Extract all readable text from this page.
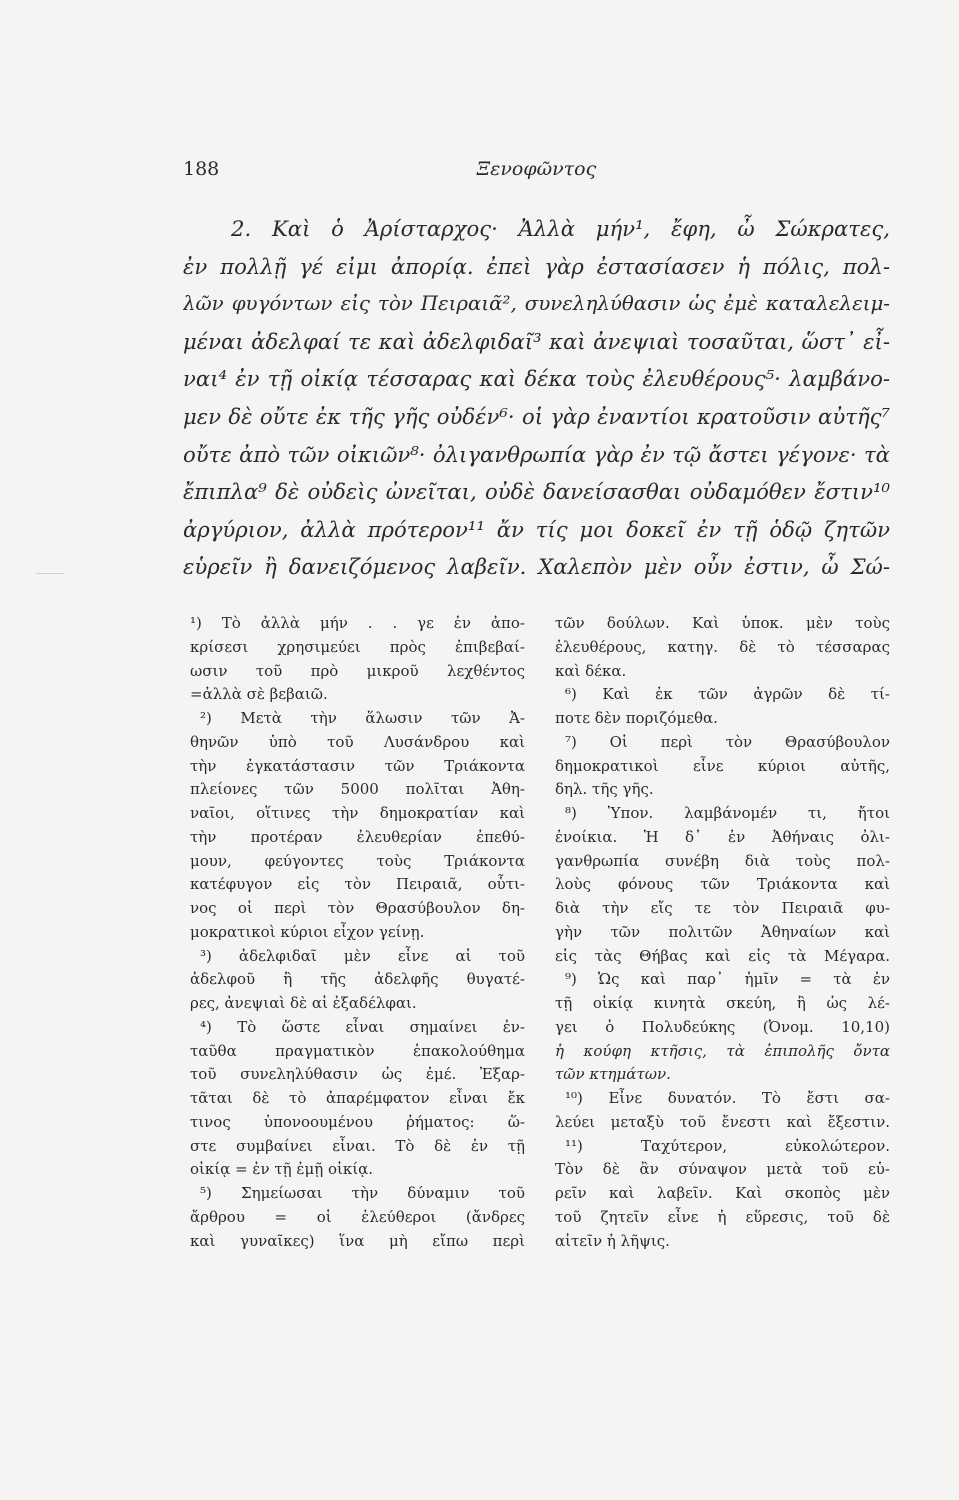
188	Ξενοφῶντος
2. Καὶ ὁ Ἀρίσταρχος· Ἀλλὰ μήν¹, ἔφη, ὦ Σώκρατες,
ἐν πολλῇ γέ εἰμι ἀπορίᾳ. ἐπεὶ γὰρ ἐστασίασεν ἡ πόλις, πολ-
λῶν φυγόντων εἰς τὸν Πειραιᾶ², συνεληλύθασιν ὡς ἐμὲ καταλελειμ-
μέναι ἀδελφαί τε καὶ ἀδελφιδαῖ³ καὶ ἀνεψιαὶ τοσαῦται, ὥστ᾽ εἶ-
ναι⁴ ἐν τῇ οἰκίᾳ τέσσαρας καὶ δέκα τοὺς ἐλευθέρους⁵· λαμβάνο-
μεν δὲ οὔτε ἐκ τῆς γῆς οὐδέν⁶· οἱ γὰρ ἐναντίοι κρατοῦσιν αὐτῆς⁷
οὔτε ἀπὸ τῶν οἰκιῶν⁸· ὀλιγανθρωπία γὰρ ἐν τῷ ἄστει γέγονε· τὰ
ἔπιπλα⁹ δὲ οὐδεὶς ὠνεῖται, οὐδὲ δανείσασθαι οὐδαμόθεν ἔστιν¹⁰
ἀργύριον, ἀλλὰ πρότερον¹¹ ἄν τίς μοι δοκεῖ ἐν τῇ ὁδῷ ζητῶν
εὑρεῖν ἢ δανειζόμενος λαβεῖν. Χαλεπὸν μὲν οὖν ἐστιν, ὦ Σώ-
¹) Τὸ ἀλλὰ μήν . . γε ἐν ἀπο-
κρίσεσι χρησιμεύει πρὸς ἐπιβεβαί-
ωσιν τοῦ πρὸ μικροῦ λεχθέντος
=ἀλλὰ σὲ βεβαιῶ.
²) Μετὰ τὴν ἅλωσιν τῶν Ἀ-
θηνῶν ὑπὸ τοῦ Λυσάνδρου καὶ
τὴν ἐγκατάστασιν τῶν Τριάκοντα
πλείονες τῶν 5000 πολῖται Ἀθη-
ναῖοι, οἵτινες τὴν δημοκρατίαν καὶ
τὴν προτέραν ἐλευθερίαν ἐπεθύ-
μουν, φεύγοντες τοὺς Τριάκοντα
κατέφυγον εἰς τὸν Πειραιᾶ, οὗτι-
νος οἱ περὶ τὸν Θρασύβουλον δη-
μοκρατικοὶ κύριοι εἶχον γείνῃ.
³) ἀδελφιδαῖ μὲν εἶνε αἱ τοῦ
ἀδελφοῦ ἢ τῆς ἀδελφῆς θυγατέ-
ρες, ἀνεψιαὶ δὲ αἱ ἐξαδέλφαι.
⁴) Τὸ ὥστε εἶναι σημαίνει ἐν-
ταῦθα πραγματικὸν ἐπακολούθημα
τοῦ συνεληλύθασιν ὡς ἐμέ. Ἐξαρ-
τᾶται δὲ τὸ ἀπαρέμφατον εἶναι ἔκ
τινος ὑπονοουμένου ῥήματος: ὥ-
στε συμβαίνει εἶναι. Τὸ δὲ ἐν τῇ
οἰκίᾳ = ἐν τῇ ἐμῇ οἰκίᾳ.
⁵) Σημείωσαι τὴν δύναμιν τοῦ
ἄρθρου = οἱ ἐλεύθεροι (ἄνδρες
καὶ γυναῖκες) ἵνα μὴ εἴπω περὶ
τῶν δούλων. Καὶ ὑποκ. μὲν τοὺς
ἐλευθέρους, κατηγ. δὲ τὸ τέσσαρας
καὶ δέκα.
⁶) Καὶ ἐκ τῶν ἀγρῶν δὲ τί-
ποτε δὲν ποριζόμεθα.
⁷) Οἱ περὶ τὸν Θρασύβουλον
δημοκρατικοὶ εἶνε κύριοι αὐτῆς,
δηλ. τῆς γῆς.
⁸) Ὑπον. λαμβάνομέν τι, ἤτοι
ἐνοίκια. Ἡ δ᾽ ἐν Ἀθήναις ὀλι-
γανθρωπία συνέβη διὰ τοὺς πολ-
λοὺς φόνους τῶν Τριάκοντα καὶ
διὰ τὴν εἴς τε τὸν Πειραιᾶ φυ-
γὴν τῶν πολιτῶν Ἀθηναίων καὶ
εἰς τὰς Θήβας καὶ εἰς τὰ Μέγαρα.
⁹) Ὡς καὶ παρ᾽ ἡμῖν = τὰ ἐν
τῇ οἰκίᾳ κινητὰ σκεύη, ἢ ὡς λέ-
γει ὁ Πολυδεύκης (Ὀνομ. 10,10)
ἡ κούφη κτῆσις, τὰ ἐπιπολῆς ὄντα
τῶν κτημάτων.
¹⁰) Εἶνε δυνατόν. Τὸ ἔστι σα-
λεύει μεταξὺ τοῦ ἔνεστι καὶ ἔξεστιν.
¹¹) Ταχύτερον, εὐκολώτερον.
Τὸν δὲ ἂν σύναψον μετὰ τοῦ εὑ-
ρεῖν καὶ λαβεῖν. Καὶ σκοπὸς μὲν
τοῦ ζητεῖν εἶνε ἡ εὕρεσις, τοῦ δὲ
αἰτεῖν ἡ λῆψις.
